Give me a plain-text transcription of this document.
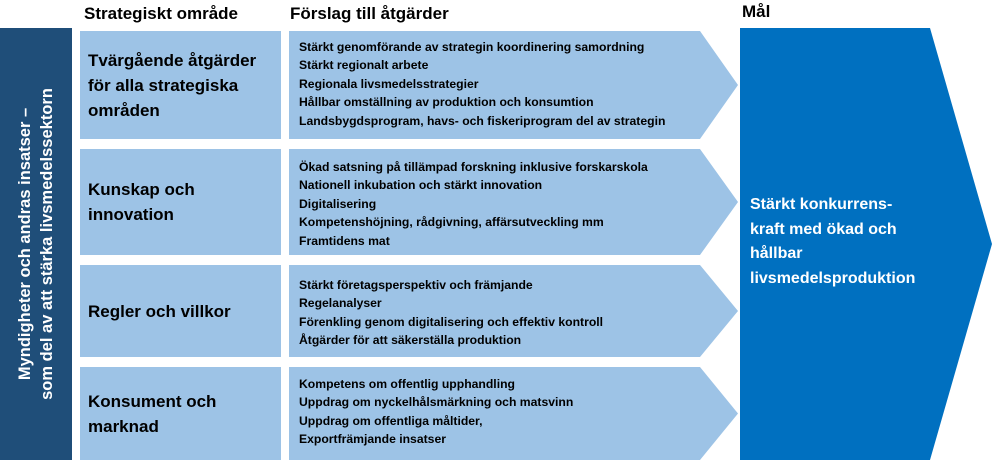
Myndigheter och andras insatser – som del av att stärka livsmedelssektorn
Strategiskt område	Förslag till åtgärder	Mål
Tvärgående åtgärder
för alla strategiska
områden
Stärkt genomförande av strategin koordinering samordning
Stärkt regionalt arbete
Regionala livsmedelsstrategier
Hållbar omställning av produktion och konsumtion
Landsbygdsprogram, havs- och fiskeriprogram del av strategin
Kunskap och
innovation
Ökad satsning på tillämpad forskning inklusive forskarskola
Nationell inkubation och stärkt innovation
Digitalisering
Kompetenshöjning, rådgivning, affärsutveckling mm
Framtidens mat
Regler och villkor
Stärkt företagsperspektiv och främjande
Regelanalyser
Förenkling genom digitalisering och effektiv kontroll
Åtgärder för att säkerställa produktion
Konsument och
marknad
Kompetens om offentlig upphandling
Uppdrag om nyckelhålsmärkning och matsvinn
Uppdrag om offentliga måltider,
Exportfrämjande insatser
Stärkt konkurrens-
kraft med ökad och
hållbar
livsmedelsproduktion
